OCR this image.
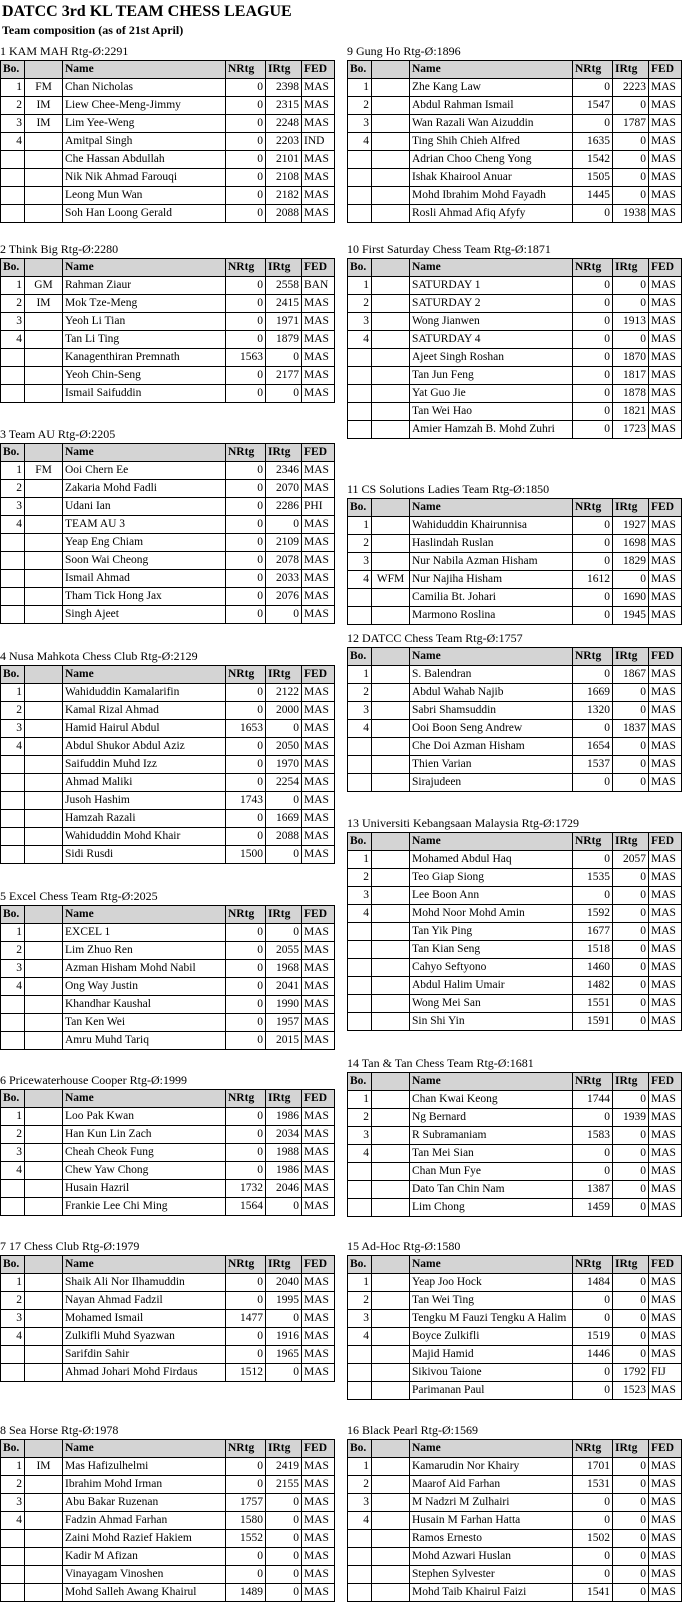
DATCC 3rd KL TEAM CHESS LEAGUE
Team composition (as of 21st April)
1 KAM MAH Rtg-Ø:2291
Bo.		Name	NRtg	IRtg	FED
1	FM	Chan Nicholas	0	2398	MAS
2	IM	Liew Chee-Meng-Jimmy	0	2315	MAS
3	IM	Lim Yee-Weng	0	2248	MAS
4		Amitpal Singh	0	2203	IND
		Che Hassan Abdullah	0	2101	MAS
		Nik Nik Ahmad Farouqi	0	2108	MAS
		Leong Mun Wan	0	2182	MAS
		Soh Han Loong Gerald	0	2088	MAS
2 Think Big Rtg-Ø:2280
Bo.		Name	NRtg	IRtg	FED
1	GM	Rahman Ziaur	0	2558	BAN
2	IM	Mok Tze-Meng	0	2415	MAS
3		Yeoh Li Tian	0	1971	MAS
4		Tan Li Ting	0	1879	MAS
		Kanagenthiran Premnath	1563	0	MAS
		Yeoh Chin-Seng	0	2177	MAS
		Ismail Saifuddin	0	0	MAS
3 Team AU Rtg-Ø:2205
Bo.		Name	NRtg	IRtg	FED
1	FM	Ooi Chern Ee	0	2346	MAS
2		Zakaria Mohd Fadli	0	2070	MAS
3		Udani Ian	0	2286	PHI
4		TEAM AU 3	0	0	MAS
		Yeap Eng Chiam	0	2109	MAS
		Soon Wai Cheong	0	2078	MAS
		Ismail Ahmad	0	2033	MAS
		Tham Tick Hong Jax	0	2076	MAS
		Singh Ajeet	0	0	MAS
4 Nusa Mahkota Chess Club Rtg-Ø:2129
Bo.		Name	NRtg	IRtg	FED
1		Wahiduddin Kamalarifin	0	2122	MAS
2		Kamal Rizal Ahmad	0	2000	MAS
3		Hamid Hairul Abdul	1653	0	MAS
4		Abdul Shukor Abdul Aziz	0	2050	MAS
		Saifuddin Muhd Izz	0	1970	MAS
		Ahmad Maliki	0	2254	MAS
		Jusoh Hashim	1743	0	MAS
		Hamzah Razali	0	1669	MAS
		Wahiduddin Mohd Khair	0	2088	MAS
		Sidi Rusdi	1500	0	MAS
5 Excel Chess Team Rtg-Ø:2025
Bo.		Name	NRtg	IRtg	FED
1		EXCEL 1	0	0	MAS
2		Lim Zhuo Ren	0	2055	MAS
3		Azman Hisham Mohd Nabil	0	1968	MAS
4		Ong Way Justin	0	2041	MAS
		Khandhar Kaushal	0	1990	MAS
		Tan Ken Wei	0	1957	MAS
		Amru Muhd Tariq	0	2015	MAS
6 Pricewaterhouse Cooper Rtg-Ø:1999
Bo.		Name	NRtg	IRtg	FED
1		Loo Pak Kwan	0	1986	MAS
2		Han Kun Lin Zach	0	2034	MAS
3		Cheah Cheok Fung	0	1988	MAS
4		Chew Yaw Chong	0	1986	MAS
		Husain Hazril	1732	2046	MAS
		Frankie Lee Chi Ming	1564	0	MAS
7 17 Chess Club Rtg-Ø:1979
Bo.		Name	NRtg	IRtg	FED
1		Shaik Ali Nor Ilhamuddin	0	2040	MAS
2		Nayan Ahmad Fadzil	0	1995	MAS
3		Mohamed Ismail	1477	0	MAS
4		Zulkifli Muhd Syazwan	0	1916	MAS
		Sarifdin Sahir	0	1965	MAS
		Ahmad Johari Mohd Firdaus	1512	0	MAS
8 Sea Horse Rtg-Ø:1978
Bo.		Name	NRtg	IRtg	FED
1	IM	Mas Hafizulhelmi	0	2419	MAS
2		Ibrahim Mohd Irman	0	2155	MAS
3		Abu Bakar Ruzenan	1757	0	MAS
4		Fadzin Ahmad Farhan	1580	0	MAS
		Zaini Mohd Razief Hakiem	1552	0	MAS
		Kadir M Afizan	0	0	MAS
		Vinayagam Vinoshen	0	0	MAS
		Mohd Salleh Awang Khairul	1489	0	MAS
9 Gung Ho Rtg-Ø:1896
Bo.		Name	NRtg	IRtg	FED
1		Zhe Kang Law	0	2223	MAS
2		Abdul Rahman Ismail	1547	0	MAS
3		Wan Razali Wan Aizuddin	0	1787	MAS
4		Ting Shih Chieh Alfred	1635	0	MAS
		Adrian Choo Cheng Yong	1542	0	MAS
		Ishak Khairool Anuar	1505	0	MAS
		Mohd Ibrahim Mohd Fayadh	1445	0	MAS
		Rosli Ahmad Afiq Afyfy	0	1938	MAS
10 First Saturday Chess Team Rtg-Ø:1871
Bo.		Name	NRtg	IRtg	FED
1		SATURDAY 1	0	0	MAS
2		SATURDAY 2	0	0	MAS
3		Wong Jianwen	0	1913	MAS
4		SATURDAY 4	0	0	MAS
		Ajeet Singh Roshan	0	1870	MAS
		Tan Jun Feng	0	1817	MAS
		Yat Guo Jie	0	1878	MAS
		Tan Wei Hao	0	1821	MAS
		Amier Hamzah B. Mohd Zuhri	0	1723	MAS
11 CS Solutions Ladies Team Rtg-Ø:1850
Bo.		Name	NRtg	IRtg	FED
1		Wahiduddin Khairunnisa	0	1927	MAS
2		Haslindah Ruslan	0	1698	MAS
3		Nur Nabila Azman Hisham	0	1829	MAS
4	WFM	Nur Najiha Hisham	1612	0	MAS
		Camilia Bt. Johari	0	1690	MAS
		Marmono Roslina	0	1945	MAS
12 DATCC Chess Team Rtg-Ø:1757
Bo.		Name	NRtg	IRtg	FED
1		S. Balendran	0	1867	MAS
2		Abdul Wahab Najib	1669	0	MAS
3		Sabri Shamsuddin	1320	0	MAS
4		Ooi Boon Seng Andrew	0	1837	MAS
		Che Doi Azman Hisham	1654	0	MAS
		Thien Varian	1537	0	MAS
		Sirajudeen	0	0	MAS
13 Universiti Kebangsaan Malaysia Rtg-Ø:1729
Bo.		Name	NRtg	IRtg	FED
1		Mohamed Abdul Haq	0	2057	MAS
2		Teo Giap Siong	1535	0	MAS
3		Lee Boon Ann	0	0	MAS
4		Mohd Noor Mohd Amin	1592	0	MAS
		Tan Yik Ping	1677	0	MAS
		Tan Kian Seng	1518	0	MAS
		Cahyo Seftyono	1460	0	MAS
		Abdul Halim Umair	1482	0	MAS
		Wong Mei San	1551	0	MAS
		Sin Shi Yin	1591	0	MAS
14 Tan & Tan Chess Team Rtg-Ø:1681
Bo.		Name	NRtg	IRtg	FED
1		Chan Kwai Keong	1744	0	MAS
2		Ng Bernard	0	1939	MAS
3		R Subramaniam	1583	0	MAS
4		Tan Mei Sian	0	0	MAS
		Chan Mun Fye	0	0	MAS
		Dato Tan Chin Nam	1387	0	MAS
		Lim Chong	1459	0	MAS
15 Ad-Hoc Rtg-Ø:1580
Bo.		Name	NRtg	IRtg	FED
1		Yeap Joo Hock	1484	0	MAS
2		Tan Wei Ting	0	0	MAS
3		Tengku M Fauzi Tengku A Halim	0	0	MAS
4		Boyce Zulkifli	1519	0	MAS
		Majid Hamid	1446	0	MAS
		Sikivou Taione	0	1792	FIJ
		Parimanan Paul	0	1523	MAS
16 Black Pearl Rtg-Ø:1569
Bo.		Name	NRtg	IRtg	FED
1		Kamarudin Nor Khairy	1701	0	MAS
2		Maarof Aid Farhan	1531	0	MAS
3		M Nadzri M Zulhairi	0	0	MAS
4		Husain M Farhan Hatta	0	0	MAS
		Ramos Ernesto	1502	0	MAS
		Mohd Azwari Huslan	0	0	MAS
		Stephen Sylvester	0	0	MAS
		Mohd Taib Khairul Faizi	1541	0	MAS
